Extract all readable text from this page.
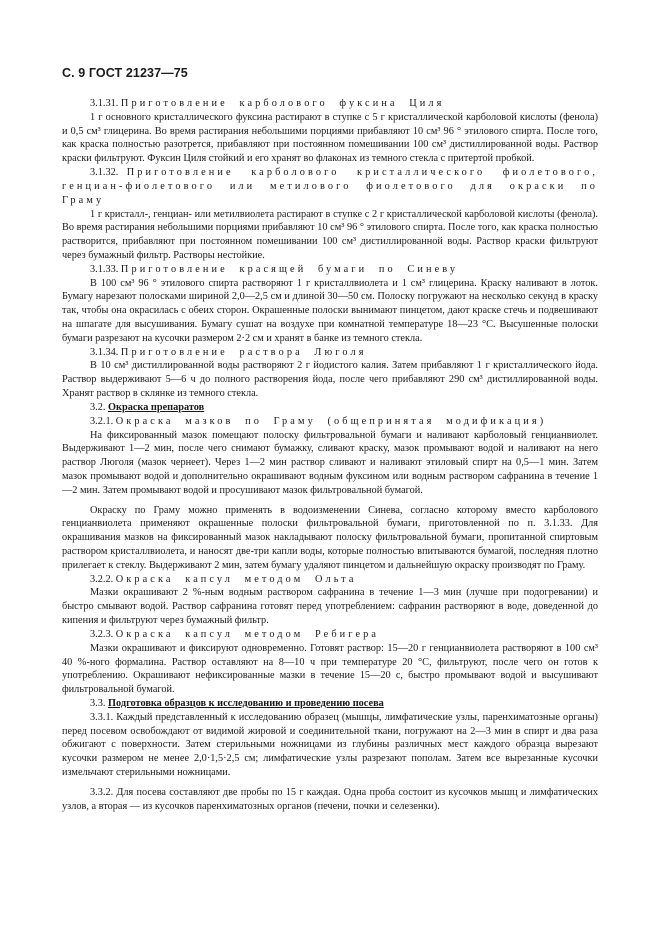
С. 9 ГОСТ 21237—75

3.1.31. Приготовление карболового фуксина Циля

1 г основного кристаллического фуксина растирают в ступке с 5 г кристаллической карболовой кислоты (фенола) и 0,5 см³ глицерина. Во время растирания небольшими порциями прибавляют 10 см³ 96 ° этилового спирта. После того, как краска полностью разотрется, прибавляют при постоянном помешивании 100 см³ дистиллированной воды. Раствор краски фильтруют. Фуксин Циля стойкий и его хранят во флаконах из темного стекла с притертой пробкой.

3.1.32. Приготовление карболового кристаллического фиолетового, генциан-фиолетового или метилового фиолетового для окраски по Граму

1 г кристалл-, генциан- или метилвиолета растирают в ступке с 2 г кристаллической карболовой кислоты (фенола). Во время растирания небольшими порциями прибавляют 10 см³ 96 ° этилового спирта. После того, как краска полностью растворится, прибавляют при постоянном помешивании 100 см³ дистиллированной воды. Раствор краски фильтруют через бумажный фильтр. Растворы нестойкие.

3.1.33. Приготовление красящей бумаги по Синеву

В 100 см³ 96 ° этилового спирта растворяют 1 г кристаллвиолета и 1 см³ глицерина. Краску наливают в лоток. Бумагу нарезают полосками шириной 2,0—2,5 см и длиной 30—50 см. Полоску погружают на несколько секунд в краску так, чтобы она окрасилась с обеих сторон. Окрашенные полоски вынимают пинцетом, дают краске стечь и подвешивают на шпагате для высушивания. Бумагу сушат на воздухе при комнатной температуре 18—23 °С. Высушенные полоски бумаги разрезают на кусочки размером 2·2 см и хранят в банке из темного стекла.

3.1.34. Приготовление раствора Люголя

В 10 см³ дистиллированной воды растворяют 2 г йодистого калия. Затем прибавляют 1 г кристаллического йода. Раствор выдерживают 5—6 ч до полного растворения йода, после чего прибавляют 290 см³ дистиллированной воды. Хранят раствор в склянке из темного стекла.

3.2. Окраска препаратов

3.2.1. Окраска мазков по Граму (общепринятая модификация)

На фиксированный мазок помещают полоску фильтровальной бумаги и наливают карболовый генцианвиолет. Выдерживают 1—2 мин, после чего снимают бумажку, сливают краску, мазок промывают водой и наливают на него раствор Люголя (мазок чернеет). Через 1—2 мин раствор сливают и наливают этиловый спирт на 0,5—1 мин. Затем мазок промывают водой и дополнительно окрашивают водным фуксином или водным раствором сафранина в течение 1—2 мин. Затем промывают водой и просушивают мазок фильтровальной бумагой.

Окраску по Граму можно применять в водоизменении Синева, согласно которому вместо карболового генцианвиолета применяют окрашенные полоски фильтровальной бумаги, приготовленной по п. 3.1.33. Для окрашивания мазков на фиксированный мазок накладывают полоску фильтровальной бумаги, пропитанной спиртовым раствором кристаллвиолета, и наносят две-три капли воды, которые полностью впитываются бумагой, последняя плотно прилегает к стеклу. Выдерживают 2 мин, затем бумагу удаляют пинцетом и дальнейшую окраску производят по Граму.

3.2.2. Окраска капсул методом Ольта

Мазки окрашивают 2 %-ным водным раствором сафранина в течение 1—3 мин (лучше при подогревании) и быстро смывают водой. Раствор сафранина готовят перед употреблением: сафранин растворяют в воде, доведенной до кипения и фильтруют через бумажный фильтр.

3.2.3. Окраска капсул методом Ребигера

Мазки окрашивают и фиксируют одновременно. Готовят раствор: 15—20 г генцианвиолета растворяют в 100 см³ 40 %-ного формалина. Раствор оставляют на 8—10 ч при температуре 20 °С, фильтруют, после чего он готов к употреблению. Окрашивают нефиксированные мазки в течение 15—20 с, быстро промывают водой и высушивают фильтровальной бумагой.

3.3. Подготовка образцов к исследованию и проведению посева

3.3.1. Каждый представленный к исследованию образец (мышцы, лимфатические узлы, паренхиматозные органы) перед посевом освобождают от видимой жировой и соединительной ткани, погружают на 2—3 мин в спирт и два раза обжигают с поверхности. Затем стерильными ножницами из глубины различных мест каждого образца вырезают кусочки размером не менее 2,0·1,5·2,5 см; лимфатические узлы разрезают пополам. Затем все вырезанные кусочки измельчают стерильными ножницами.

3.3.2. Для посева составляют две пробы по 15 г каждая. Одна проба состоит из кусочков мышц и лимфатических узлов, а вторая — из кусочков паренхиматозных органов (печени, почки и селезенки).
